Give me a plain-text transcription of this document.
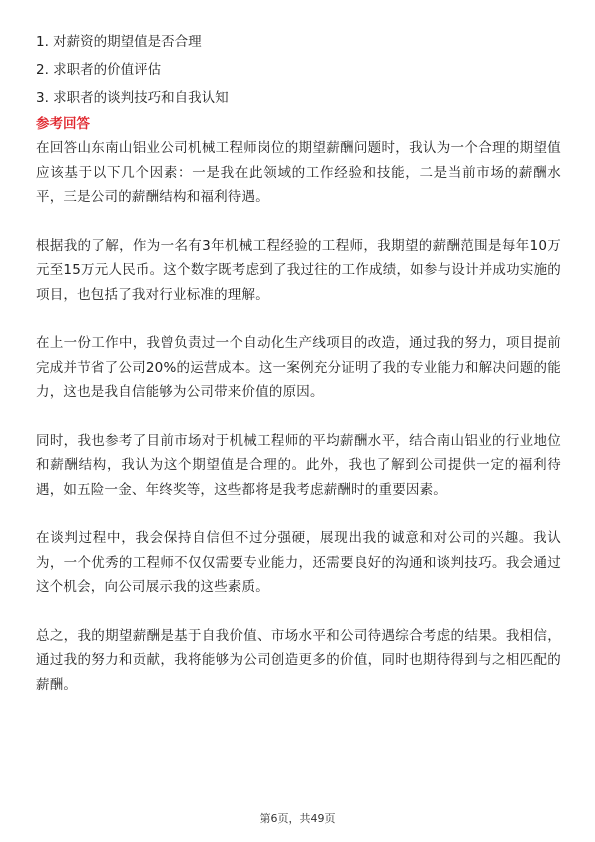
1. 对薪资的期望值是否合理
2. 求职者的价值评估
3. 求职者的谈判技巧和自我认知
参考回答

在回答山东南山铝业公司机械工程师岗位的期望薪酬问题时，我认为一个合理的期望值应该基于以下几个因素：一是我在此领域的工作经验和技能，二是当前市场的薪酬水平，三是公司的薪酬结构和福利待遇。

根据我的了解，作为一名有3年机械工程经验的工程师，我期望的薪酬范围是每年10万元至15万元人民币。这个数字既考虑到了我过往的工作成绩，如参与设计并成功实施的项目，也包括了我对行业标准的理解。

在上一份工作中，我曾负责过一个自动化生产线项目的改造，通过我的努力，项目提前完成并节省了公司20%的运营成本。这一案例充分证明了我的专业能力和解决问题的能力，这也是我自信能够为公司带来价值的原因。

同时，我也参考了目前市场对于机械工程师的平均薪酬水平，结合南山铝业的行业地位和薪酬结构，我认为这个期望值是合理的。此外，我也了解到公司提供一定的福利待遇，如五险一金、年终奖等，这些都将是我考虑薪酬时的重要因素。

在谈判过程中，我会保持自信但不过分强硬，展现出我的诚意和对公司的兴趣。我认为，一个优秀的工程师不仅仅需要专业能力，还需要良好的沟通和谈判技巧。我会通过这个机会，向公司展示我的这些素质。

总之，我的期望薪酬是基于自我价值、市场水平和公司待遇综合考虑的结果。我相信，通过我的努力和贡献，我将能够为公司创造更多的价值，同时也期待得到与之相匹配的薪酬。

第6页，共49页
